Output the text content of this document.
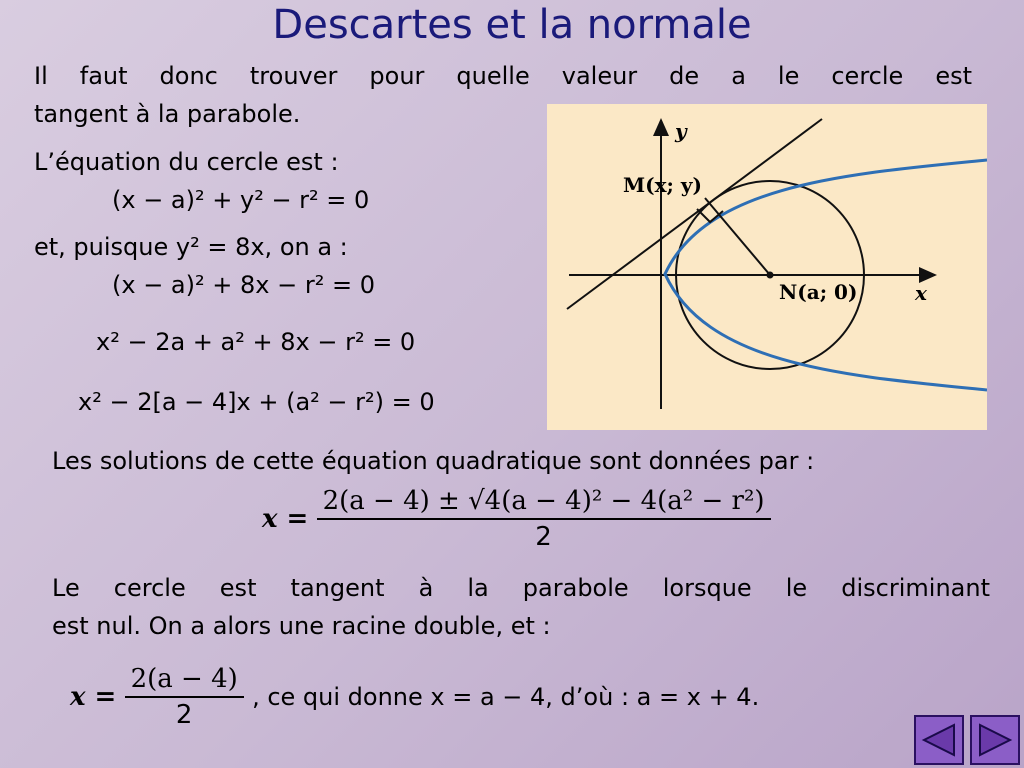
Descartes et la normale
Il faut donc trouver pour quelle valeur de a le cercle est
tangent à la parabole.
L’équation du cercle est :
(x − a)² + y² − r² = 0
et, puisque y² = 8x, on a :
(x − a)² + 8x − r² = 0
x² − 2a + a² + 8x − r² = 0
x² − 2[a − 4]x + (a² − r²) = 0
y
x
M(x; y)
N(a; 0)
Les solutions de cette équation quadratique sont données par :
$x = \frac{\text{2(a − 4) ± √4(a − 4)² − 4(a² − r²)}}{2}$
Le cercle est tangent à la parabole lorsque le discriminant
est nul. On a alors une racine double, et :
$x = \frac{2(a - 4)}{2}$ , ce qui donne x = a − 4, d’où : a = x + 4.
